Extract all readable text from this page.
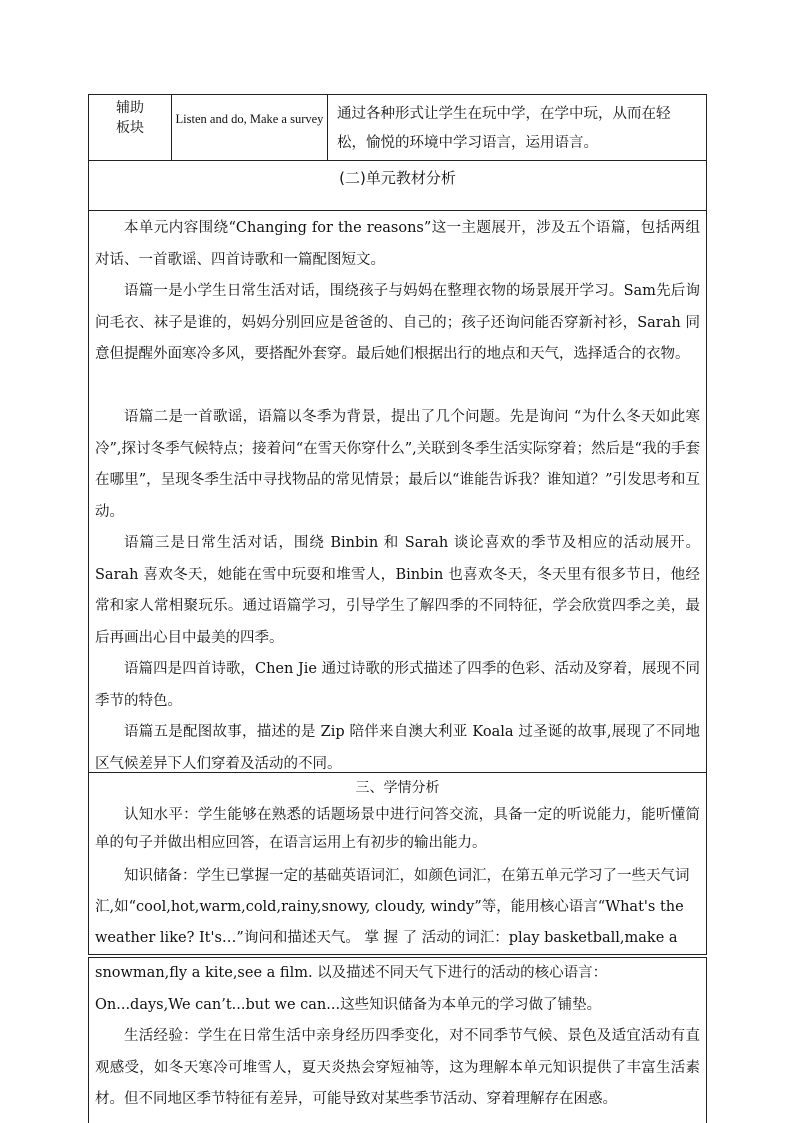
辅助
板块
Listen and do, Make a survey 通过各种形式让学生在玩中学，在学中玩，从而在轻松，愉悦的环境中学习语言，运用语言。
(二)单元教材分析

本单元内容围绕“Changing for the reasons”这一主题展开，涉及五个语篇，包括两组对话、一首歌谣、四首诗歌和一篇配图短文。

语篇一是小学生日常生活对话，围绕孩子与妈妈在整理衣物的场景展开学习。Sam先后询问毛衣、袜子是谁的，妈妈分别回应是爸爸的、自己的；孩子还询问能否穿新衬衫，Sarah 同意但提醒外面寒冷多风，要搭配外套穿。最后她们根据出行的地点和天气，选择适合的衣物。

语篇二是一首歌谣，语篇以冬季为背景，提出了几个问题。先是询问 “为什么冬天如此寒冷”,探讨冬季气候特点；接着问“在雪天你穿什么”,关联到冬季生活实际穿着；然后是“我的手套在哪里”，呈现冬季生活中寻找物品的常见情景；最后以“谁能告诉我？谁知道？”引发思考和互动。

语篇三是日常生活对话，围绕 Binbin 和 Sarah 谈论喜欢的季节及相应的活动展开。Sarah 喜欢冬天，她能在雪中玩耍和堆雪人，Binbin 也喜欢冬天，冬天里有很多节日，他经常和家人常相聚玩乐。通过语篇学习，引导学生了解四季的不同特征，学会欣赏四季之美，最后再画出心目中最美的四季。

语篇四是四首诗歌，Chen Jie 通过诗歌的形式描述了四季的色彩、活动及穿着，展现不同季节的特色。

语篇五是配图故事，描述的是 Zip 陪伴来自澳大利亚 Koala 过圣诞的故事,展现了不同地区气候差异下人们穿着及活动的不同。

三、学情分析

认知水平：学生能够在熟悉的话题场景中进行问答交流，具备一定的听说能力，能听懂简单的句子并做出相应回答，在语言运用上有初步的输出能力。

知识储备：学生已掌握一定的基础英语词汇，如颜色词汇，在第五单元学习了一些天气词汇,如“cool,hot,warm,cold,rainy,snowy, cloudy, windy”等，能用核心语言“What's the weather like? It's…”询问和描述天气。 掌 握 了 活动的词汇：play basketball,make a

snowman,fly a kite,see a film. 以及描述不同天气下进行的活动的核心语言：On...days,We can’t...but we can...这些知识储备为本单元的学习做了铺垫。

生活经验：学生在日常生活中亲身经历四季变化，对不同季节气候、景色及适宜活动有直观感受，如冬天寒冷可堆雪人，夏天炎热会穿短袖等，这为理解本单元知识提供了丰富生活素材。但不同地区季节特征有差异，可能导致对某些季节活动、穿着理解存在困惑。
